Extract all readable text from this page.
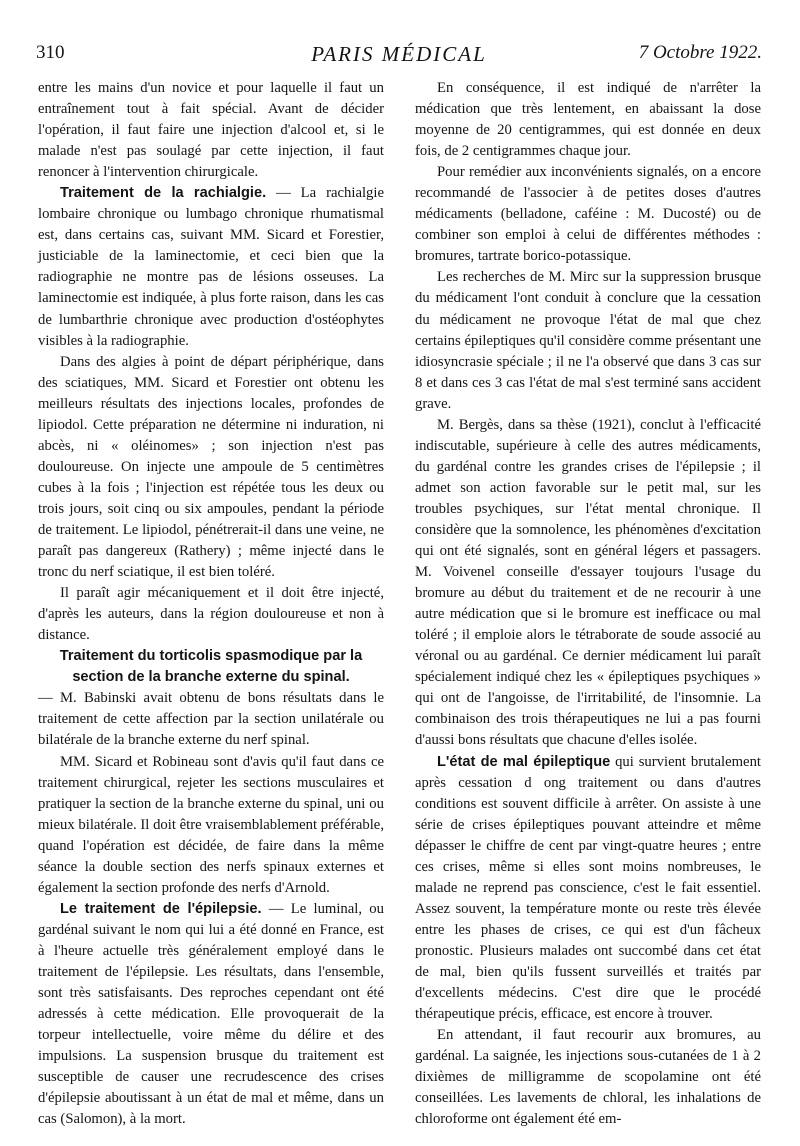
310	PARIS MÉDICAL	7 Octobre 1922.

entre les mains d'un novice et pour laquelle il faut un entraînement tout à fait spécial. Avant de décider l'opération, il faut faire une injection d'alcool et, si le malade n'est pas soulagé par cette injection, il faut renoncer à l'intervention chirurgicale.

Traitement de la rachialgie. — La rachialgie lombaire chronique ou lumbago chronique rhumatismal est, dans certains cas, suivant MM. Sicard et Forestier, justiciable de la laminectomie, et ceci bien que la radiographie ne montre pas de lésions osseuses. La laminectomie est indiquée, à plus forte raison, dans les cas de lumbarthrie chronique avec production d'ostéophytes visibles à la radiographie.

Dans des algies à point de départ périphérique, dans des sciatiques, MM. Sicard et Forestier ont obtenu les meilleurs résultats des injections locales, profondes de lipiodol. Cette préparation ne détermine ni induration, ni abcès, ni « oléinomes» ; son injection n'est pas douloureuse. On injecte une ampoule de 5 centimètres cubes à la fois ; l'injection est répétée tous les deux ou trois jours, soit cinq ou six ampoules, pendant la période de traitement. Le lipiodol, pénétrerait-il dans une veine, ne paraît pas dangereux (Rathery) ; même injecté dans le tronc du nerf sciatique, il est bien toléré.

Il paraît agir mécaniquement et il doit être injecté, d'après les auteurs, dans la région douloureuse et non à distance.

Traitement du torticolis spasmodique par la section de la branche externe du spinal.

— M. Babinski avait obtenu de bons résultats dans le traitement de cette affection par la section unilatérale ou bilatérale de la branche externe du nerf spinal.

MM. Sicard et Robineau sont d'avis qu'il faut dans ce traitement chirurgical, rejeter les sections musculaires et pratiquer la section de la branche externe du spinal, uni ou mieux bilatérale. Il doit être vraisemblablement préférable, quand l'opération est décidée, de faire dans la même séance la double section des nerfs spinaux externes et également la section profonde des nerfs d'Arnold.

Le traitement de l'épilepsie. — Le luminal, ou gardénal suivant le nom qui lui a été donné en France, est à l'heure actuelle très généralement employé dans le traitement de l'épilepsie. Les résultats, dans l'ensemble, sont très satisfaisants. Des reproches cependant ont été adressés à cette médication. Elle provoquerait de la torpeur intellectuelle, voire même du délire et des impulsions. La suspension brusque du traitement est susceptible de causer une recrudescence des crises d'épilepsie aboutissant à un état de mal et même, dans un cas (Salomon), à la mort.

En conséquence, il est indiqué de n'arrêter la médication que très lentement, en abaissant la dose moyenne de 20 centigrammes, qui est donnée en deux fois, de 2 centigrammes chaque jour.

Pour remédier aux inconvénients signalés, on a encore recommandé de l'associer à de petites doses d'autres médicaments (belladone, caféine : M. Ducosté) ou de combiner son emploi à celui de différentes méthodes : bromures, tartrate borico-potassique.

Les recherches de M. Mirc sur la suppression brusque du médicament l'ont conduit à conclure que la cessation du médicament ne provoque l'état de mal que chez certains épileptiques qu'il considère comme présentant une idiosyncrasie spéciale ; il ne l'a observé que dans 3 cas sur 8 et dans ces 3 cas l'état de mal s'est terminé sans accident grave.

M. Bergès, dans sa thèse (1921), conclut à l'efficacité indiscutable, supérieure à celle des autres médicaments, du gardénal contre les grandes crises de l'épilepsie ; il admet son action favorable sur le petit mal, sur les troubles psychiques, sur l'état mental chronique. Il considère que la somnolence, les phénomènes d'excitation qui ont été signalés, sont en général légers et passagers. M. Voivenel conseille d'essayer toujours l'usage du bromure au début du traitement et de ne recourir à une autre médication que si le bromure est inefficace ou mal toléré ; il emploie alors le tétraborate de soude associé au véronal ou au gardénal. Ce dernier médicament lui paraît spécialement indiqué chez les « épileptiques psychiques » qui ont de l'angoisse, de l'irritabilité, de l'insomnie. La combinaison des trois thérapeutiques ne lui a pas fourni d'aussi bons résultats que chacune d'elles isolée.

L'état de mal épileptique qui survient brutalement après cessation d ong traitement ou dans d'autres conditions est souvent difficile à arrêter. On assiste à une série de crises épileptiques pouvant atteindre et même dépasser le chiffre de cent par vingt-quatre heures ; entre ces crises, même si elles sont moins nombreuses, le malade ne reprend pas conscience, c'est le fait essentiel. Assez souvent, la température monte ou reste très élevée entre les phases de crises, ce qui est d'un fâcheux pronostic. Plusieurs malades ont succombé dans cet état de mal, bien qu'ils fussent surveillés et traités par d'excellents médecins. C'est dire que le procédé thérapeutique précis, efficace, est encore à trouver.

En attendant, il faut recourir aux bromures, au gardénal. La saignée, les injections sous-cutanées de 1 à 2 dixièmes de milligramme de scopolamine ont été conseillées. Les lavements de chloral, les inhalations de chloroforme ont également été em-
